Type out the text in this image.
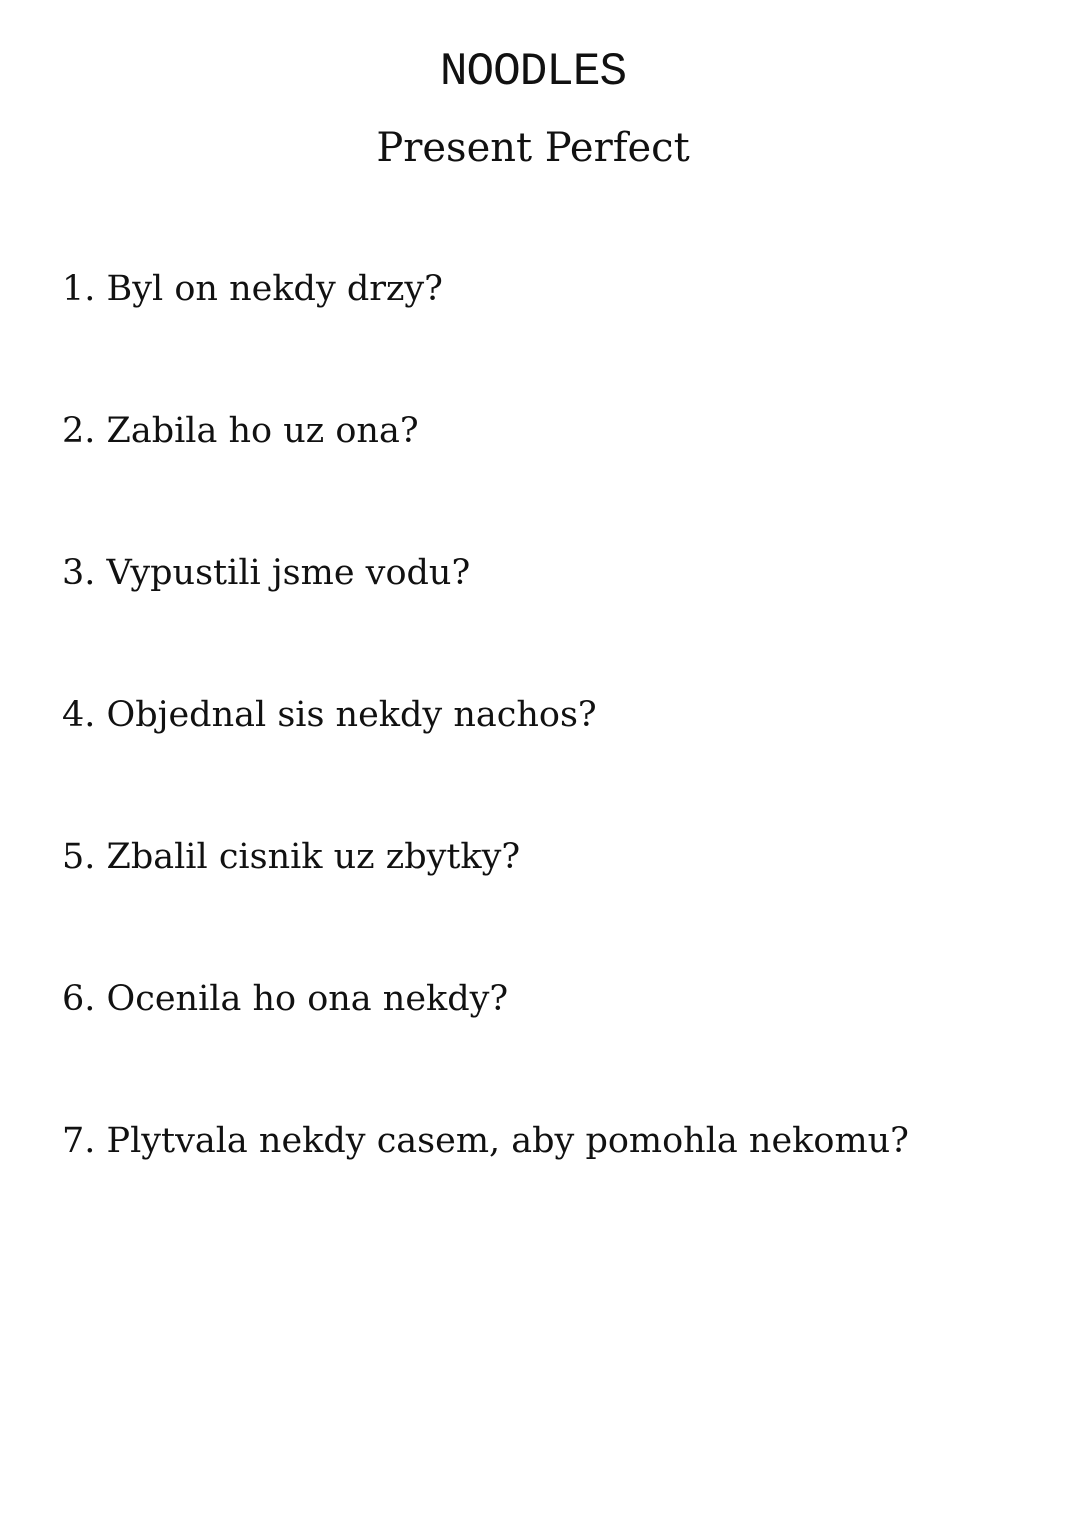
NOODLES
Present Perfect
1. Byl on nekdy drzy?
2. Zabila ho uz ona?
3. Vypustili jsme vodu?
4. Objednal sis nekdy nachos?
5. Zbalil cisnik uz zbytky?
6. Ocenila ho ona nekdy?
7. Plytvala nekdy casem, aby pomohla nekomu?
